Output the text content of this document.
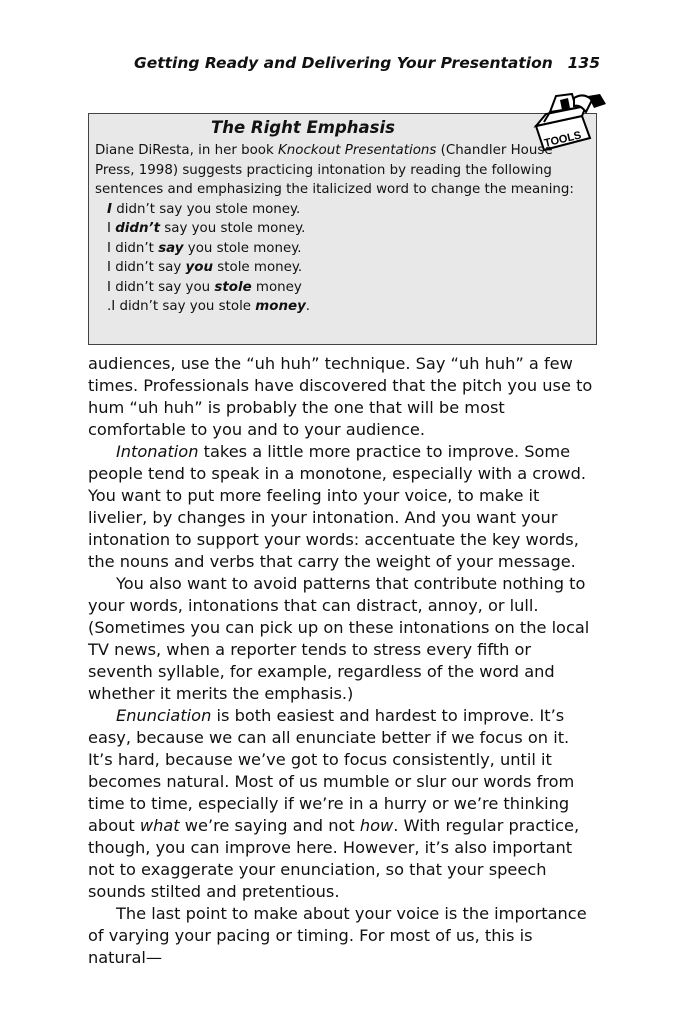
Getting Ready and Delivering Your Presentation 135
TOOLS
The Right Emphasis

Diane DiResta, in her book Knockout Presentations (Chandler House Press, 1998) suggests practicing intonation by reading the following sentences and emphasizing the italicized word to change the meaning:

I didn’t say you stole money.
I didn’t say you stole money.
I didn’t say you stole money.
I didn’t say you stole money.
I didn’t say you stole money
.I didn’t say you stole money.

audiences, use the “uh huh” technique. Say “uh huh” a few times. Professionals have discovered that the pitch you use to hum “uh huh” is probably the one that will be most comfortable to you and to your audience.

Intonation takes a little more practice to improve. Some people tend to speak in a monotone, especially with a crowd. You want to put more feeling into your voice, to make it livelier, by changes in your intonation. And you want your intonation to support your words: accentuate the key words, the nouns and verbs that carry the weight of your message.

You also want to avoid patterns that contribute nothing to your words, intonations that can distract, annoy, or lull. (Sometimes you can pick up on these intonations on the local TV news, when a reporter tends to stress every fifth or seventh syllable, for example, regardless of the word and whether it merits the emphasis.)

Enunciation is both easiest and hardest to improve. It’s easy, because we can all enunciate better if we focus on it. It’s hard, because we’ve got to focus consistently, until it becomes natural. Most of us mumble or slur our words from time to time, especially if we’re in a hurry or we’re thinking about what we’re saying and not how. With regular practice, though, you can improve here. However, it’s also important not to exaggerate your enunciation, so that your speech sounds stilted and pretentious.

The last point to make about your voice is the importance of varying your pacing or timing. For most of us, this is natural—
